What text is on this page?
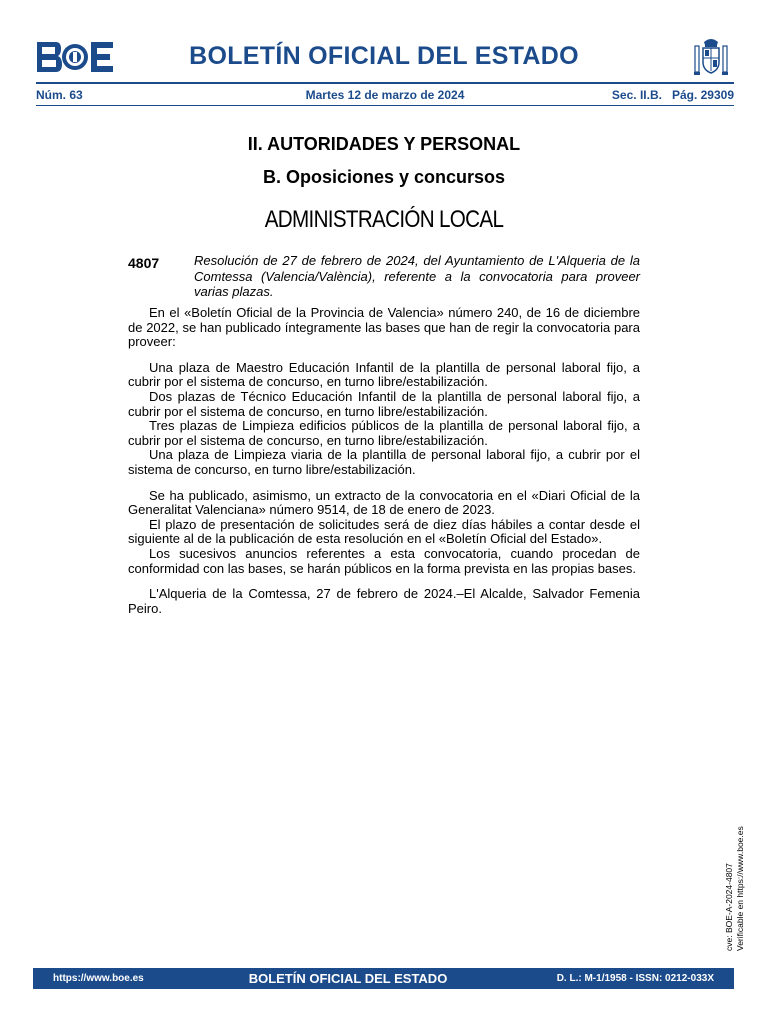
BOLETÍN OFICIAL DEL ESTADO
Martes 12 de marzo de 2024
Núm. 63	Sec. II.B.   Pág. 29309
II. AUTORIDADES Y PERSONAL
B. Oposiciones y concursos
ADMINISTRACIÓN LOCAL
4807	Resolución de 27 de febrero de 2024, del Ayuntamiento de L'Alqueria de la Comtessa (Valencia/València), referente a la convocatoria para proveer varias plazas.

En el «Boletín Oficial de la Provincia de Valencia» número 240, de 16 de diciembre de 2022, se han publicado íntegramente las bases que han de regir la convocatoria para proveer:

Una plaza de Maestro Educación Infantil de la plantilla de personal laboral fijo, a cubrir por el sistema de concurso, en turno libre/estabilización.

Dos plazas de Técnico Educación Infantil de la plantilla de personal laboral fijo, a cubrir por el sistema de concurso, en turno libre/estabilización.

Tres plazas de Limpieza edificios públicos de la plantilla de personal laboral fijo, a cubrir por el sistema de concurso, en turno libre/estabilización.

Una plaza de Limpieza viaria de la plantilla de personal laboral fijo, a cubrir por el sistema de concurso, en turno libre/estabilización.

Se ha publicado, asimismo, un extracto de la convocatoria en el «Diari Oficial de la Generalitat Valenciana» número 9514, de 18 de enero de 2023.

El plazo de presentación de solicitudes será de diez días hábiles a contar desde el siguiente al de la publicación de esta resolución en el «Boletín Oficial del Estado».

Los sucesivos anuncios referentes a esta convocatoria, cuando procedan de conformidad con las bases, se harán públicos en la forma prevista en las propias bases.

L'Alqueria de la Comtessa, 27 de febrero de 2024.–El Alcalde, Salvador Femenia Peiro.

cve: BOE-A-2024-4807 Verificable en https://www.boe.es
https://www.boe.es	BOLETÍN OFICIAL DEL ESTADO	D. L.: M-1/1958 - ISSN: 0212-033X
